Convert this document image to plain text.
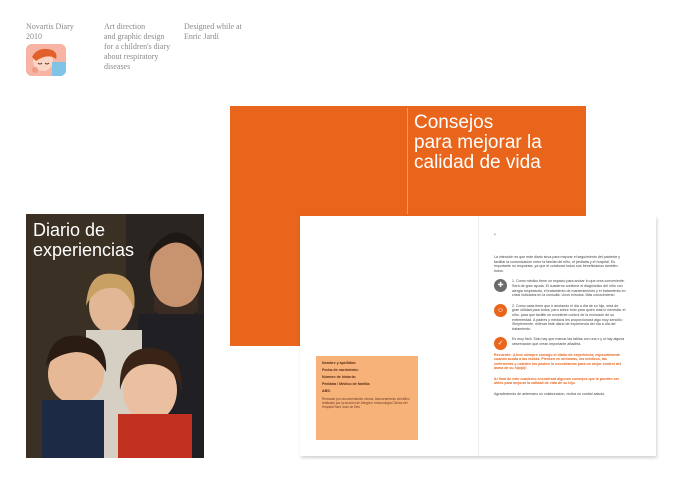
Novartis Diary
2010
Art direction
and graphic design
for a children's diary
about respiratory
diseases
Designed while at
Enric Jardí
Diario de
experiencias
Consejos
para mejorar la
calidad de vida
•
Nombre y apellidos:
Fecha de nacimiento:
Número de historia:
Pediatra / Médico de familia:
ABS:
Revisado por documentación clínica. Asesoramiento científico realizado por la sección de Alergia e Inmunología Clínica del Hospital Sant Joan de Déu
La intención es que este diario sirva para mejorar el seguimiento del paciente y facilitar la comunicación entre la familia del niño, el pediatra y el hospital. Es importante su respuesta, ya que el colaborar todos nos beneficiamos también todos.
✚
1. Como médico tiene un espacio para anotar lo que crea conveniente. Será de gran ayuda. El cuaderno contiene el diagnóstico del niño con alergia respiratoria, el tratamiento de mantenimiento y el tratamiento en crisis indicados en la consulta. Unos minutos. Más conocimiento
☺
2. Como cada tiene que ir anotando el día a día de su hijo, será de gran utilidad para todos, pero sobre todo para quien más lo necesita: el niño, para que facilite un excelente control de la evolución de su enfermedad. A padres y médicos les proporcionará algo muy sencillo: Simplemente, rellenar este diario de experiencia del día a día del tratamiento.
✓
Es muy fácil. Sólo hay que marcar las tablas con una x y si hay alguna observación que crean importante añadirla.
Recuerde: ¡Lleve siempre consigo el diario de experiencia, especialmente cuando acuda a las visitas. Piensen en síntomas, los médicos, las enfermeras y ustedes los padres lo necesitamos para un mejor control del asma de su hijo(a)!
Al final de este cuaderno encontrará algunos consejos que le pueden ser útiles para mejorar la calidad de vida de su hijo.
Agradeciendo de antemano su colaboración, reciba un cordial saludo.
